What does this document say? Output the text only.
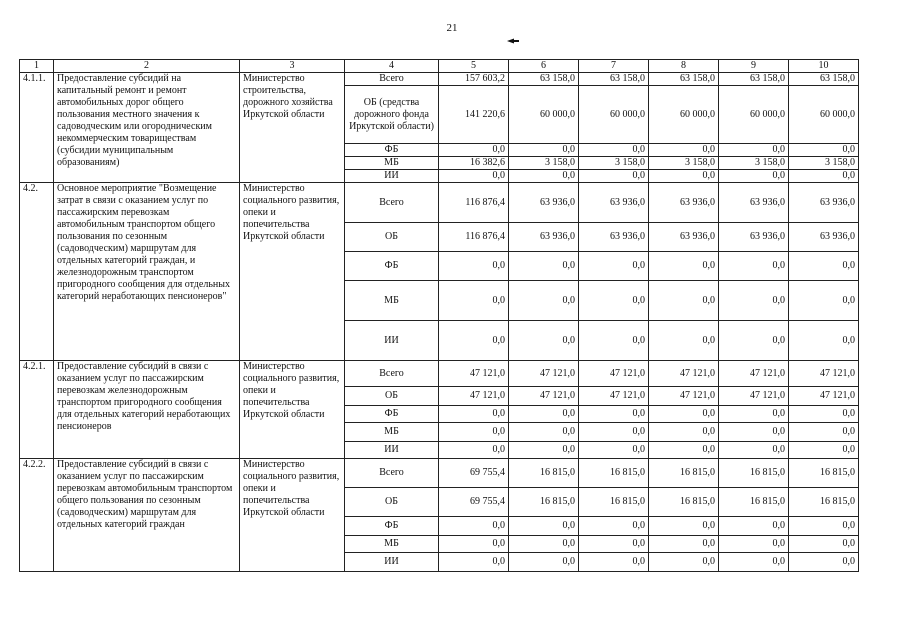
21
1	2	3	4	5	6	7	8	9	10
4.1.1.	Предоставление субсидий на капитальный ремонт и ремонт автомобильных дорог общего пользования местного значения к садоводческим или огородническим некоммерческим товариществам (субсидии муниципальным образованиям)	Министерство строительства, дорожного хозяйства Иркутской области	Всего	157 603,2	63 158,0	63 158,0	63 158,0	63 158,0	63 158,0
			ОБ (средства дорожного фонда Иркутской области)	141 220,6	60 000,0	60 000,0	60 000,0	60 000,0	60 000,0
			ФБ	0,0	0,0	0,0	0,0	0,0	0,0
			МБ	16 382,6	3 158,0	3 158,0	3 158,0	3 158,0	3 158,0
			ИИ	0,0	0,0	0,0	0,0	0,0	0,0
4.2.	Основное мероприятие "Возмещение затрат в связи с оказанием услуг по пассажирским перевозкам автомобильным транспортом общего пользования по сезонным (садоводческим) маршрутам для отдельных категорий граждан, и железнодорожным транспортом пригородного сообщения для отдельных категорий неработающих пенсионеров"	Министерство социального развития, опеки и попечительства Иркутской области	Всего	116 876,4	63 936,0	63 936,0	63 936,0	63 936,0	63 936,0
			ОБ	116 876,4	63 936,0	63 936,0	63 936,0	63 936,0	63 936,0
			ФБ	0,0	0,0	0,0	0,0	0,0	0,0
			МБ	0,0	0,0	0,0	0,0	0,0	0,0
			ИИ	0,0	0,0	0,0	0,0	0,0	0,0
4.2.1.	Предоставление субсидий в связи с оказанием услуг по пассажирским перевозкам железнодорожным транспортом пригородного сообщения для отдельных категорий неработающих пенсионеров	Министерство социального развития, опеки и попечительства Иркутской области	Всего	47 121,0	47 121,0	47 121,0	47 121,0	47 121,0	47 121,0
			ОБ	47 121,0	47 121,0	47 121,0	47 121,0	47 121,0	47 121,0
			ФБ	0,0	0,0	0,0	0,0	0,0	0,0
			МБ	0,0	0,0	0,0	0,0	0,0	0,0
			ИИ	0,0	0,0	0,0	0,0	0,0	0,0
4.2.2.	Предоставление субсидий в связи с оказанием услуг по пассажирским перевозкам автомобильным транспортом общего пользования по сезонным (садоводческим) маршрутам для отдельных категорий граждан	Министерство социального развития, опеки и попечительства Иркутской области	Всего	69 755,4	16 815,0	16 815,0	16 815,0	16 815,0	16 815,0
			ОБ	69 755,4	16 815,0	16 815,0	16 815,0	16 815,0	16 815,0
			ФБ	0,0	0,0	0,0	0,0	0,0	0,0
			МБ	0,0	0,0	0,0	0,0	0,0	0,0
			ИИ	0,0	0,0	0,0	0,0	0,0	0,0
